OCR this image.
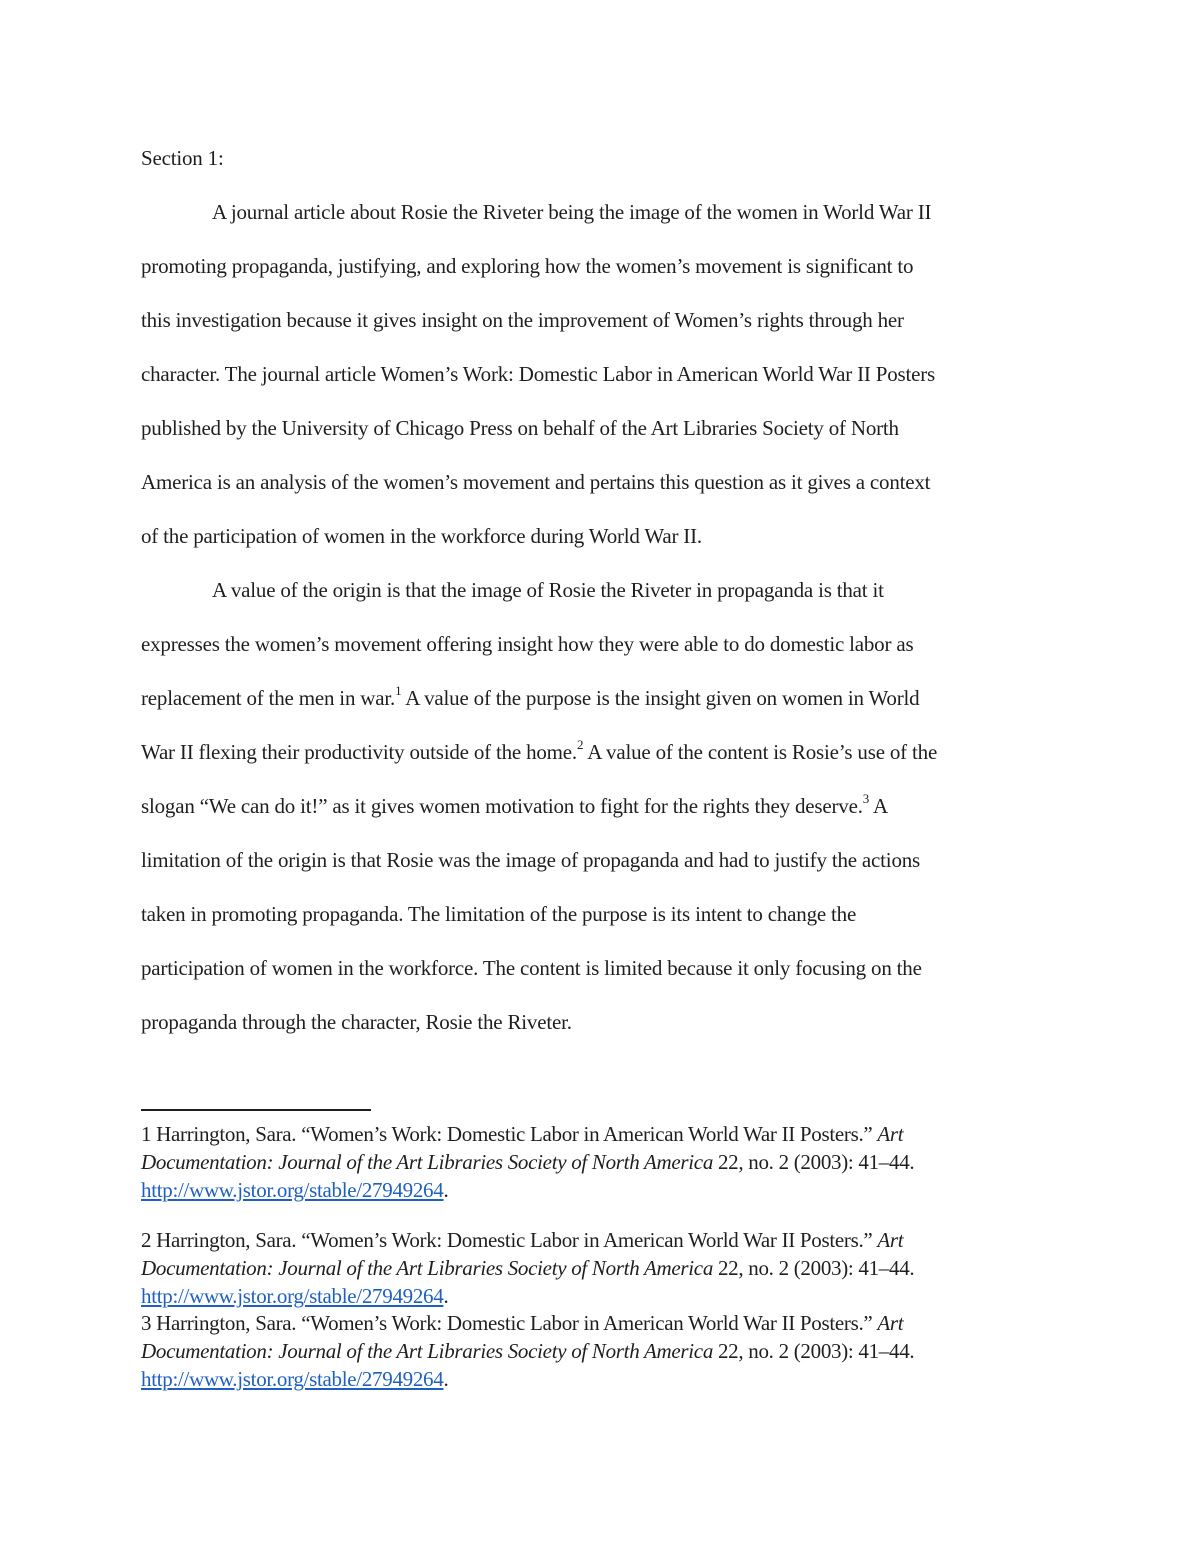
Section 1:
A journal article about Rosie the Riveter being the image of the women in World War II
promoting propaganda, justifying, and exploring how the women’s movement is significant to
this investigation because it gives insight on the improvement of Women’s rights through her
character. The journal article Women’s Work: Domestic Labor in American World War II Posters
published by the University of Chicago Press on behalf of the Art Libraries Society of North
America is an analysis of the women’s movement and pertains this question as it gives a context
of the participation of women in the workforce during World War II.
A value of the origin is that the image of Rosie the Riveter in propaganda is that it
expresses the women’s movement offering insight how they were able to do domestic labor as
replacement of the men in war.$^1$ A value of the purpose is the insight given on women in World
War II flexing their productivity outside of the home.$^2$ A value of the content is Rosie’s use of the
slogan “We can do it!” as it gives women motivation to fight for the rights they deserve.$^3$ A
limitation of the origin is that Rosie was the image of propaganda and had to justify the actions
taken in promoting propaganda. The limitation of the purpose is its intent to change the
participation of women in the workforce. The content is limited because it only focusing on the
propaganda through the character, Rosie the Riveter.
1 Harrington, Sara. “Women’s Work: Domestic Labor in American World War II Posters.” Art
Documentation: Journal of the Art Libraries Society of North America 22, no. 2 (2003): 41–44.
http://www.jstor.org/stable/27949264.
2 Harrington, Sara. “Women’s Work: Domestic Labor in American World War II Posters.” Art
Documentation: Journal of the Art Libraries Society of North America 22, no. 2 (2003): 41–44.
http://www.jstor.org/stable/27949264.
3 Harrington, Sara. “Women’s Work: Domestic Labor in American World War II Posters.” Art
Documentation: Journal of the Art Libraries Society of North America 22, no. 2 (2003): 41–44.
http://www.jstor.org/stable/27949264.
